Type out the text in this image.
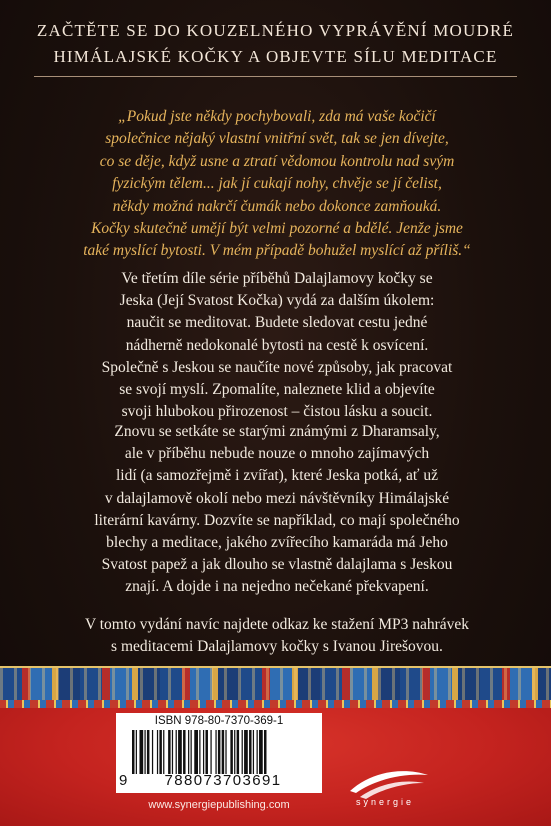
ZAČTĚTE SE DO KOUZELNÉHO VYPRÁVĚNÍ MOUDRÉ
HIMÁLAJSKÉ KOČKY A OBJEVTE SÍLU MEDITACE
„Pokud jste někdy pochybovali, zda má vaše kočičí
společnice nějaký vlastní vnitřní svět, tak se jen dívejte,
co se děje, když usne a ztratí vědomou kontrolu nad svým
fyzickým tělem... jak jí cukají nohy, chvěje se jí čelist,
někdy možná nakrčí čumák nebo dokonce zamňouká.
Kočky skutečně umějí být velmi pozorné a bdělé. Jenže jsme
také myslící bytosti. V mém případě bohužel myslící až příliš.“
Ve třetím díle série příběhů Dalajlamovy kočky se
Jeska (Její Svatost Kočka) vydá za dalším úkolem:
naučit se meditovat. Budete sledovat cestu jedné
nádherně nedokonalé bytosti na cestě k osvícení.
Společně s Jeskou se naučíte nové způsoby, jak pracovat
se svojí myslí. Zpomalíte, naleznete klid a objevíte
svoji hlubokou přirozenost – čistou lásku a soucit.
Znovu se setkáte se starými známými z Dharamsaly,
ale v příběhu nebude nouze o mnoho zajímavých
lidí (a samozřejmě i zvířat), které Jeska potká, ať už
v dalajlamově okolí nebo mezi návštěvníky Himálajské
literární kavárny. Dozvíte se například, co mají společného
blechy a meditace, jakého zvířecího kamaráda má Jeho
Svatost papež a jak dlouho se vlastně dalajlama s Jeskou
znají. A dojde i na nejedno nečekané překvapení.
V tomto vydání navíc najdete odkaz ke stažení MP3 nahrávek
s meditacemi Dalajlamovy kočky s Ivanou Jirešovou.
ISBN 978-80-7370-369-1
9	788073703691
www.synergiepublishing.com	synergie
